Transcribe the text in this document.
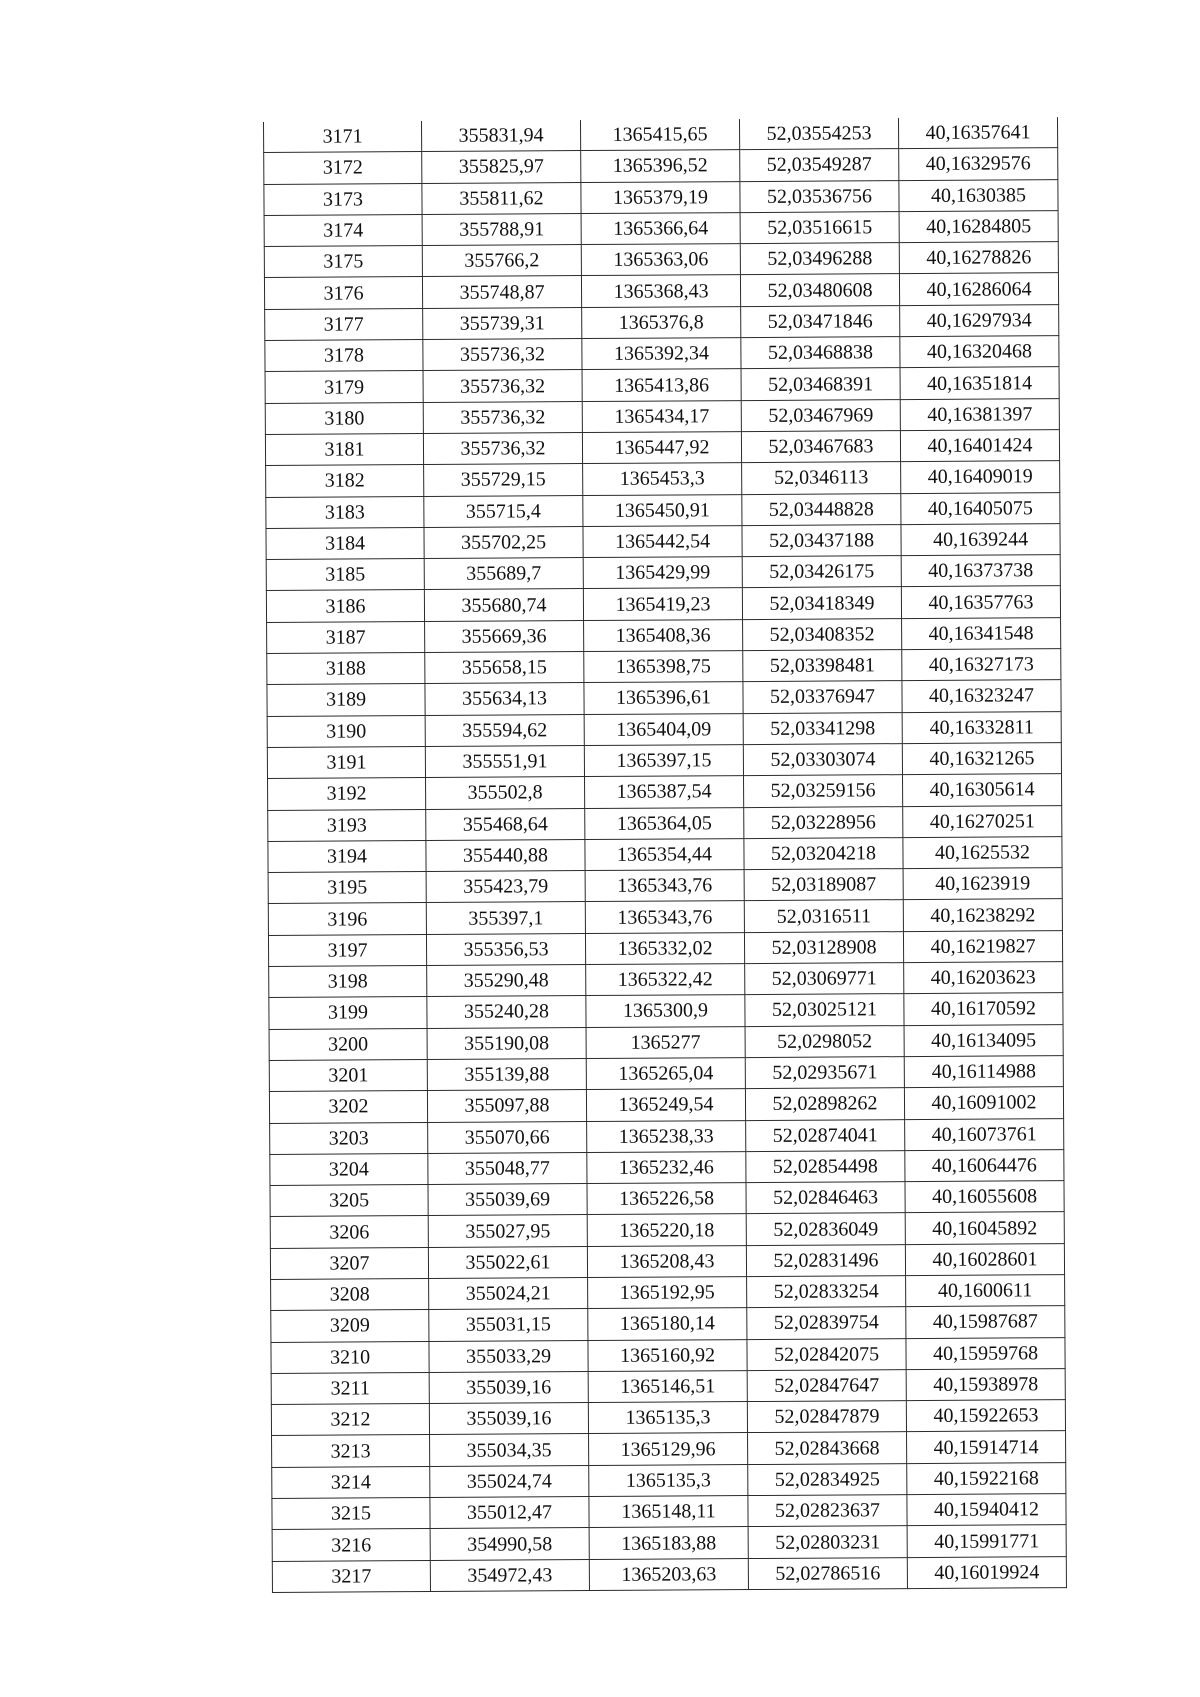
3171	355831,94	1365415,65	52,03554253	40,16357641
3172	355825,97	1365396,52	52,03549287	40,16329576
3173	355811,62	1365379,19	52,03536756	40,1630385
3174	355788,91	1365366,64	52,03516615	40,16284805
3175	355766,2	1365363,06	52,03496288	40,16278826
3176	355748,87	1365368,43	52,03480608	40,16286064
3177	355739,31	1365376,8	52,03471846	40,16297934
3178	355736,32	1365392,34	52,03468838	40,16320468
3179	355736,32	1365413,86	52,03468391	40,16351814
3180	355736,32	1365434,17	52,03467969	40,16381397
3181	355736,32	1365447,92	52,03467683	40,16401424
3182	355729,15	1365453,3	52,0346113	40,16409019
3183	355715,4	1365450,91	52,03448828	40,16405075
3184	355702,25	1365442,54	52,03437188	40,1639244
3185	355689,7	1365429,99	52,03426175	40,16373738
3186	355680,74	1365419,23	52,03418349	40,16357763
3187	355669,36	1365408,36	52,03408352	40,16341548
3188	355658,15	1365398,75	52,03398481	40,16327173
3189	355634,13	1365396,61	52,03376947	40,16323247
3190	355594,62	1365404,09	52,03341298	40,16332811
3191	355551,91	1365397,15	52,03303074	40,16321265
3192	355502,8	1365387,54	52,03259156	40,16305614
3193	355468,64	1365364,05	52,03228956	40,16270251
3194	355440,88	1365354,44	52,03204218	40,1625532
3195	355423,79	1365343,76	52,03189087	40,1623919
3196	355397,1	1365343,76	52,0316511	40,16238292
3197	355356,53	1365332,02	52,03128908	40,16219827
3198	355290,48	1365322,42	52,03069771	40,16203623
3199	355240,28	1365300,9	52,03025121	40,16170592
3200	355190,08	1365277	52,0298052	40,16134095
3201	355139,88	1365265,04	52,02935671	40,16114988
3202	355097,88	1365249,54	52,02898262	40,16091002
3203	355070,66	1365238,33	52,02874041	40,16073761
3204	355048,77	1365232,46	52,02854498	40,16064476
3205	355039,69	1365226,58	52,02846463	40,16055608
3206	355027,95	1365220,18	52,02836049	40,16045892
3207	355022,61	1365208,43	52,02831496	40,16028601
3208	355024,21	1365192,95	52,02833254	40,1600611
3209	355031,15	1365180,14	52,02839754	40,15987687
3210	355033,29	1365160,92	52,02842075	40,15959768
3211	355039,16	1365146,51	52,02847647	40,15938978
3212	355039,16	1365135,3	52,02847879	40,15922653
3213	355034,35	1365129,96	52,02843668	40,15914714
3214	355024,74	1365135,3	52,02834925	40,15922168
3215	355012,47	1365148,11	52,02823637	40,15940412
3216	354990,58	1365183,88	52,02803231	40,15991771
3217	354972,43	1365203,63	52,02786516	40,16019924
